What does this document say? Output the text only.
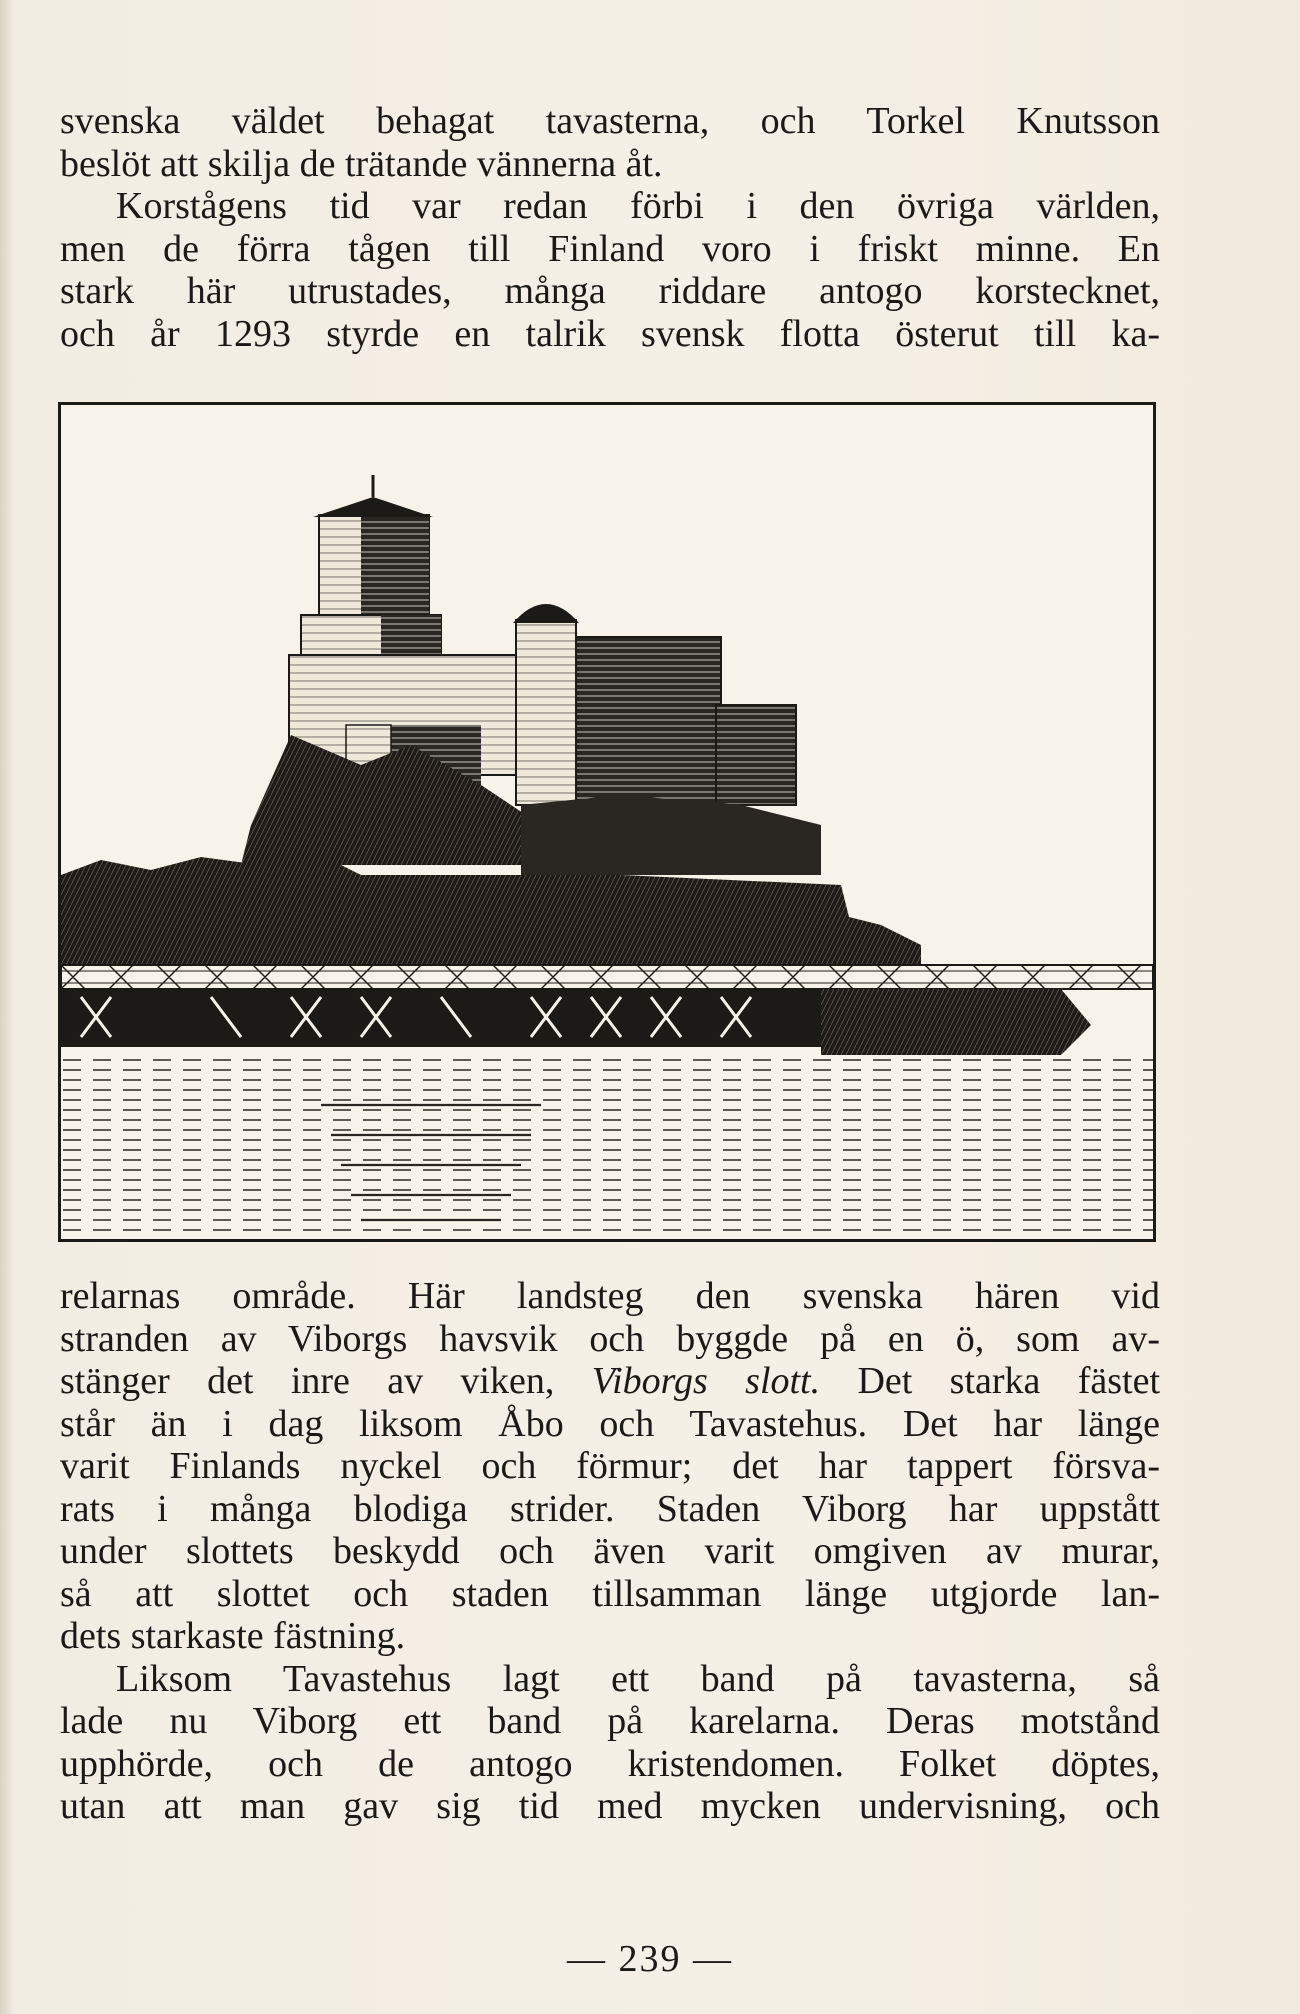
svenska väldet behagat tavasterna, och Torkel Knutsson

beslöt att skilja de trätande vännerna åt.

Korstågens tid var redan förbi i den övriga världen,

men de förra tågen till Finland voro i friskt minne. En

stark här utrustades, många riddare antogo korstecknet,

och år 1293 styrde en talrik svensk flotta österut till ka-

relarnas område. Här landsteg den svenska hären vid

stranden av Viborgs havsvik och byggde på en ö, som av-

stänger det inre av viken, Viborgs slott. Det starka fästet

står än i dag liksom Åbo och Tavastehus. Det har länge

varit Finlands nyckel och förmur; det har tappert försva-

rats i många blodiga strider. Staden Viborg har uppstått

under slottets beskydd och även varit omgiven av murar,

så att slottet och staden tillsamman länge utgjorde lan-

dets starkaste fästning.

Liksom Tavastehus lagt ett band på tavasterna, så

lade nu Viborg ett band på karelarna. Deras motstånd

upphörde, och de antogo kristendomen. Folket döptes,

utan att man gav sig tid med mycken undervisning, och

— 239 —
